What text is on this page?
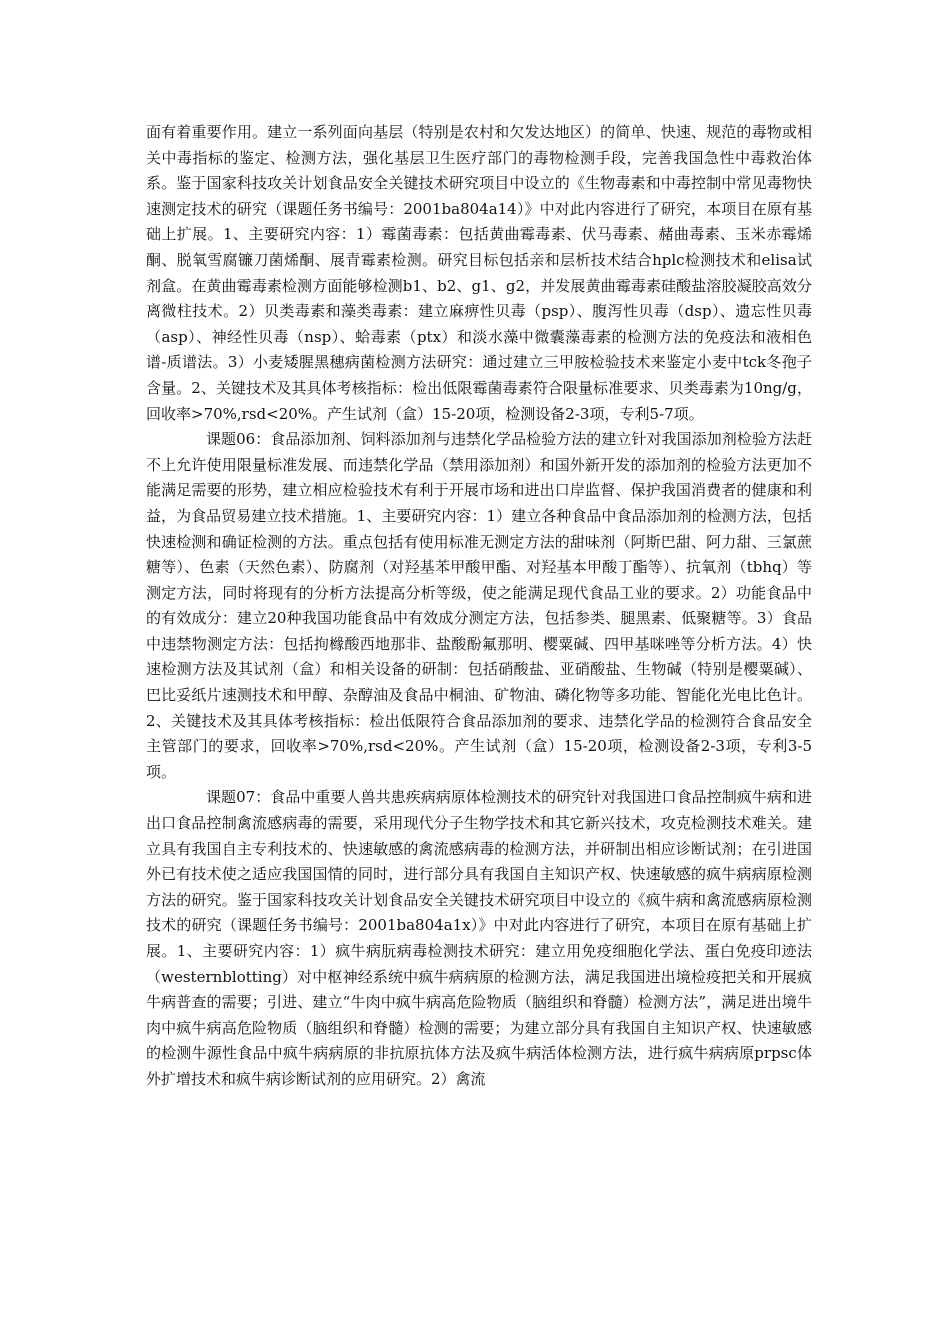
面有着重要作用。建立一系列面向基层（特别是农村和欠发达地区）的简单、快速、规范的毒物或相关中毒指标的鉴定、检测方法，强化基层卫生医疗部门的毒物检测手段，完善我国急性中毒救治体系。鉴于国家科技攻关计划食品安全关键技术研究项目中设立的《生物毒素和中毒控制中常见毒物快速测定技术的研究（课题任务书编号：2001ba804a14）》中对此内容进行了研究，本项目在原有基础上扩展。1、主要研究内容：1）霉菌毒素：包括黄曲霉毒素、伏马毒素、赭曲毒素、玉米赤霉烯酮、脱氧雪腐镰刀菌烯酮、展青霉素检测。研究目标包括亲和层析技术结合hplc检测技术和elisa试剂盒。在黄曲霉毒素检测方面能够检测b1、b2、g1、g2，并发展黄曲霉毒素硅酸盐溶胶凝胶高效分离微柱技术。2）贝类毒素和藻类毒素：建立麻痹性贝毒（psp）、腹泻性贝毒（dsp）、遗忘性贝毒（asp）、神经性贝毒（nsp）、蛤毒素（ptx）和淡水藻中微囊藻毒素的检测方法的免疫法和液相色谱-质谱法。3）小麦矮腥黑穗病菌检测方法研究：通过建立三甲胺检验技术来鉴定小麦中tck冬孢子含量。2、关键技术及其具体考核指标：检出低限霉菌毒素符合限量标准要求、贝类毒素为10ng/g，回收率>70%,rsd<20%。产生试剂（盒）15-20项，检测设备2-3项，专利5-7项。

课题06：食品添加剂、饲料添加剂与违禁化学品检验方法的建立针对我国添加剂检验方法赶不上允许使用限量标准发展、而违禁化学品（禁用添加剂）和国外新开发的添加剂的检验方法更加不能满足需要的形势，建立相应检验技术有利于开展市场和进出口岸监督、保护我国消费者的健康和利益，为食品贸易建立技术措施。1、主要研究内容：1）建立各种食品中食品添加剂的检测方法，包括快速检测和确证检测的方法。重点包括有使用标准无测定方法的甜味剂（阿斯巴甜、阿力甜、三氯蔗糖等）、色素（天然色素）、防腐剂（对羟基苯甲酸甲酯、对羟基本甲酸丁酯等）、抗氧剂（tbhq）等测定方法，同时将现有的分析方法提高分析等级，使之能满足现代食品工业的要求。2）功能食品中的有效成分：建立20种我国功能食品中有效成分测定方法，包括参类、腿黑素、低聚糖等。3）食品中违禁物测定方法：包括拘橼酸西地那非、盐酸酚氟那明、樱粟碱、四甲基咪唑等分析方法。4）快速检测方法及其试剂（盒）和相关设备的研制：包括硝酸盐、亚硝酸盐、生物碱（特别是樱粟碱）、巴比妥纸片速测技术和甲醇、杂醇油及食品中桐油、矿物油、磷化物等多功能、智能化光电比色计。2、关键技术及其具体考核指标：检出低限符合食品添加剂的要求、违禁化学品的检测符合食品安全主管部门的要求，回收率>70%,rsd<20%。产生试剂（盒）15-20项，检测设备2-3项，专利3-5项。

课题07：食品中重要人兽共患疾病病原体检测技术的研究针对我国进口食品控制疯牛病和进出口食品控制禽流感病毒的需要，采用现代分子生物学技术和其它新兴技术，攻克检测技术难关。建立具有我国自主专利技术的、快速敏感的禽流感病毒的检测方法，并研制出相应诊断试剂；在引进国外已有技术使之适应我国国情的同时，进行部分具有我国自主知识产权、快速敏感的疯牛病病原检测方法的研究。鉴于国家科技攻关计划食品安全关键技术研究项目中设立的《疯牛病和禽流感病原检测技术的研究（课题任务书编号：2001ba804a1x）》中对此内容进行了研究，本项目在原有基础上扩展。1、主要研究内容：1）疯牛病朊病毒检测技术研究：建立用免疫细胞化学法、蛋白免疫印迹法（westernblotting）对中枢神经系统中疯牛病病原的检测方法，满足我国进出境检疫把关和开展疯牛病普查的需要；引进、建立“牛肉中疯牛病高危险物质（脑组织和脊髓）检测方法”，满足进出境牛肉中疯牛病高危险物质（脑组织和脊髓）检测的需要；为建立部分具有我国自主知识产权、快速敏感的检测牛源性食品中疯牛病病原的非抗原抗体方法及疯牛病活体检测方法，进行疯牛病病原prpsc体外扩增技术和疯牛病诊断试剂的应用研究。2）禽流
